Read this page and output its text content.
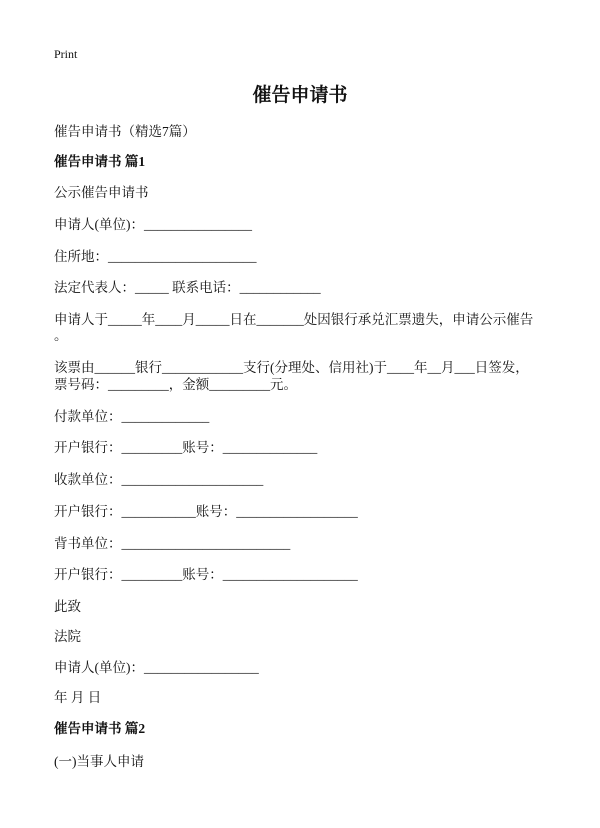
Print
催告申请书
催告申请书（精选7篇）
催告申请书 篇1
公示催告申请书
申请人(单位)：________________
住所地：______________________
法定代表人：_____ 联系电话：____________
申请人于_____年____月_____日在_______处因银行承兑汇票遗失，申请公示催告
。
该票由______银行____________支行(分理处、信用社)于____年__月___日签发，
票号码：_________，金额_________元。
付款单位：_____________
开户银行：_________账号：______________
收款单位：_____________________
开户银行：___________账号：__________________
背书单位：_________________________
开户银行：_________账号：____________________
此致
法院
申请人(单位)：_________________
年 月 日
催告申请书 篇2
(一)当事人申请
